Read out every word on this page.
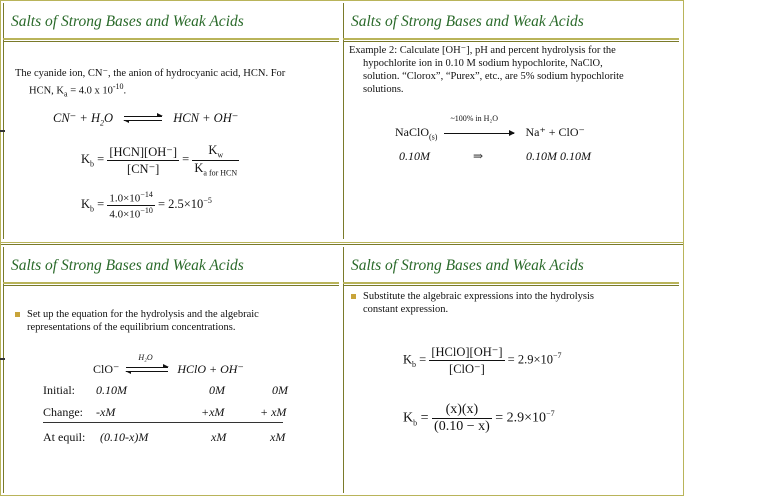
Salts of Strong Bases and Weak Acids
The cyanide ion, CN⁻, the anion of hydrocyanic acid, HCN. For
HCN, $K_a = 4.0$ x $10^{-10}$.
$CN^- + H_2O$	HCN + OH⁻
$K_b = \frac{\text{[HCN][OH⁻]}}{[CN^-]} = \frac{K_w}{K_{a for HCN}}$
$K_b = \frac{1.0\times 10^{-14}}{4.0\times 10^{-10}} = 2.5\times 10^{-5}$
Salts of Strong Bases and Weak Acids
Example 2: Calculate [OH⁻], pH and percent hydrolysis for the
hypochlorite ion in 0.10 M sodium hypochlorite, NaClO,
solution. “Clorox”, “Purex”, etc., are 5% sodium hypochlorite
solutions.
NaClO$_{(s)}$
~100% in H₂O
Na⁺ + ClO⁻
0.10M	⇒	0.10M 0.10M
Salts of Strong Bases and Weak Acids
Set up the equation for the hydrolysis and the algebraic
representations of the equilibrium concentrations.
ClO⁻
H₂O
HClO + OH⁻
Initial: 0.10M	0M	0M
Change: -xM	+xM	+ xM
At equil: (0.10-x)M	xM	xM
Salts of Strong Bases and Weak Acids
Substitute the algebraic expressions into the hydrolysis
constant expression.
$K_b = \frac{\text{[HClO][OH⁻]}}{\text{[ClO⁻]}} = 2.9\times 10^{-7}$
$K_b = \frac{(x)(x)}{(0.10 - x)} = 2.9\times 10^{-7}$
